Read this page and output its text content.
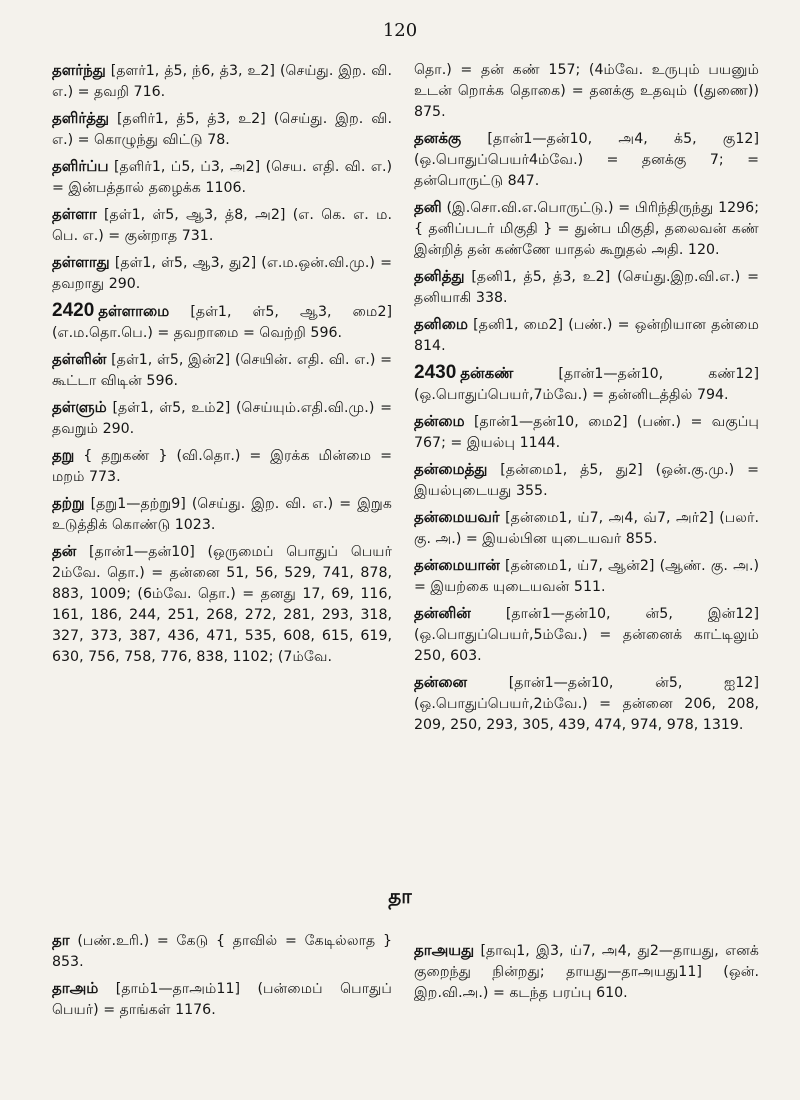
120

தளர்ந்து [தளர்1, த்5, ந்6, த்3, உ2] (செய்து. இற. வி. எ.) = தவறி 716.

தளிர்த்து [தளிர்1, த்5, த்3, உ2] (செய்து. இற. வி. எ.) = கொழுந்து விட்டு 78.

தளிர்ப்ப [தளிர்1, ப்5, ப்3, அ2] (செய. எதி. வி. எ.) = இன்பத்தால் தழைக்க 1106.

தள்ளா [தள்1, ள்5, ஆ3, த்8, அ2] (எ. கெ. எ. ம. பெ. எ.) = குன்றாத 731.

தள்ளாது [தள்1, ள்5, ஆ3, து2] (எ.ம.ஒன்.வி.மு.) = தவறாது 290.

2420 தள்ளாமை [தள்1, ள்5, ஆ3, மை2] (எ.ம.தொ.பெ.) = தவறாமை = வெற்றி 596.

தள்ளின் [தள்1, ள்5, இன்2] (செயின். எதி. வி. எ.) = கூட்டா விடின் 596.

தள்ளும் [தள்1, ள்5, உம்2] (செய்யும்.எதி.வி.மு.) = தவறும் 290.

தறு { தறுகண் } (வி.தொ.) = இரக்க மின்மை = மறம் 773.

தற்று [தறு1—தற்று9] (செய்து. இற. வி. எ.) = இறுக உடுத்திக் கொண்டு 1023.

தன் [தான்1—தன்10] (ஒருமைப் பொதுப் பெயர் 2ம்வே. தொ.) = தன்னை 51, 56, 529, 741, 878, 883, 1009; (6ம்வே. தொ.) = தனது 17, 69, 116, 161, 186, 244, 251, 268, 272, 281, 293, 318, 327, 373, 387, 436, 471, 535, 608, 615, 619, 630, 756, 758, 776, 838, 1102; (7ம்வே.

தொ.) = தன் கண் 157; (4ம்வே. உருபும் பயனும் உடன் றொக்க தொகை) = தனக்கு உதவும் ((துணை)) 875.

தனக்கு [தான்1—தன்10, அ4, க்5, கு12] (ஒ.பொதுப்பெயர்4ம்வே.) = தனக்கு 7; = தன்பொருட்டு 847.

தனி (இ.சொ.வி.எ.பொருட்டு.) = பிரிந்திருந்து 1296; { தனிப்படர் மிகுதி } = துன்ப மிகுதி, தலைவன் கண் இன்றித் தன் கண்ணே யாதல் கூறுதல் அதி. 120.

தனித்து [தனி1, த்5, த்3, உ2] (செய்து.இற.வி.எ.) = தனியாகி 338.

தனிமை [தனி1, மை2] (பண்.) = ஒன்றியான தன்மை 814.

2430 தன்கண் [தான்1—தன்10, கண்12] (ஒ.பொதுப்பெயர்,7ம்வே.) = தன்னிடத்தில் 794.

தன்மை [தான்1—தன்10, மை2] (பண்.) = வகுப்பு 767; = இயல்பு 1144.

தன்மைத்து [தன்மை1, த்5, து2] (ஒன்.கு.மு.) = இயல்புடையது 355.

தன்மையவர் [தன்மை1, ய்7, அ4, வ்7, அர்2] (பலர். கு. அ.) = இயல்பின யுடையவர் 855.

தன்மையான் [தன்மை1, ய்7, ஆன்2] (ஆண். கு. அ.) = இயற்கை யுடையவன் 511.

தன்னின் [தான்1—தன்10, ன்5, இன்12] (ஒ.பொதுப்பெயர்,5ம்வே.) = தன்னைக் காட்டிலும் 250, 603.

தன்னை [தான்1—தன்10, ன்5, ஐ12] (ஒ.பொதுப்பெயர்,2ம்வே.) = தன்னை 206, 208, 209, 250, 293, 305, 439, 474, 974, 978, 1319.

தா

தா (பண்.உரி.) = கேடு { தாவில் = கேடில்லாத } 853.

தாஅம் [தாம்1—தாஅம்11] (பன்மைப் பொதுப் பெயர்) = தாங்கள் 1176.

தாஅயது [தாவு1, இ3, ய்7, அ4, து2—தாயது, எனக் குறைந்து நின்றது; தாயது—தாஅயது11] (ஒன். இற.வி.அ.) = கடந்த பரப்பு 610.
